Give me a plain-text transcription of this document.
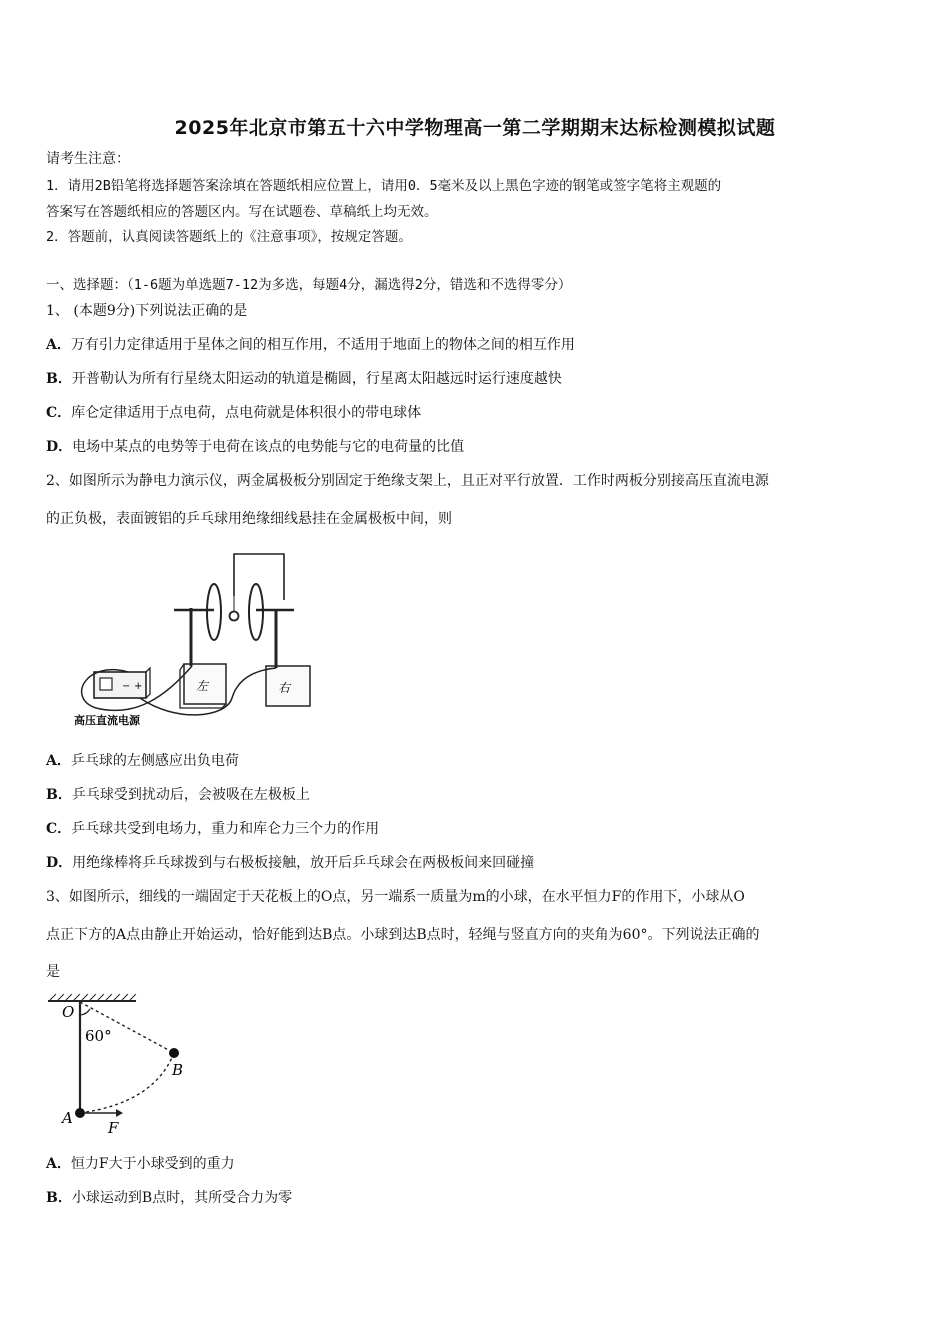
2025年北京市第五十六中学物理高一第二学期期末达标检测模拟试题
请考生注意：
1．请用2B铅笔将选择题答案涂填在答题纸相应位置上，请用0．5毫米及以上黑色字迹的钢笔或签字笔将主观题的
答案写在答题纸相应的答题区内。写在试题卷、草稿纸上均无效。
2．答题前，认真阅读答题纸上的《注意事项》，按规定答题。
一、选择题：（1-6题为单选题7-12为多选，每题4分，漏选得2分，错选和不选得零分）
1、 (本题9分)下列说法正确的是
A．万有引力定律适用于星体之间的相互作用，不适用于地面上的物体之间的相互作用
B．开普勒认为所有行星绕太阳运动的轨道是椭圆，行星离太阳越远时运行速度越快
C．库仑定律适用于点电荷，点电荷就是体积很小的带电球体
D．电场中某点的电势等于电荷在该点的电势能与它的电荷量的比值
2、如图所示为静电力演示仪，两金属极板分别固定于绝缘支架上，且正对平行放置．工作时两板分别接高压直流电源
的正负极，表面镀铝的乒乓球用绝缘细线悬挂在金属极板中间，则
− +	左	右
高压直流电源
A．乒乓球的左侧感应出负电荷
B．乒乓球受到扰动后，会被吸在左极板上
C．乒乓球共受到电场力，重力和库仑力三个力的作用
D．用绝缘棒将乒乓球拨到与右极板接触，放开后乒乓球会在两极板间来回碰撞
3、如图所示，细线的一端固定于天花板上的O点，另一端系一质量为m的小球，在水平恒力F的作用下，小球从O
点正下方的A点由静止开始运动，恰好能到达B点。小球到达B点时，轻绳与竖直方向的夹角为60°。下列说法正确的
是
O
60°
B
A
F
A．恒力F大于小球受到的重力
B．小球运动到B点时，其所受合力为零
